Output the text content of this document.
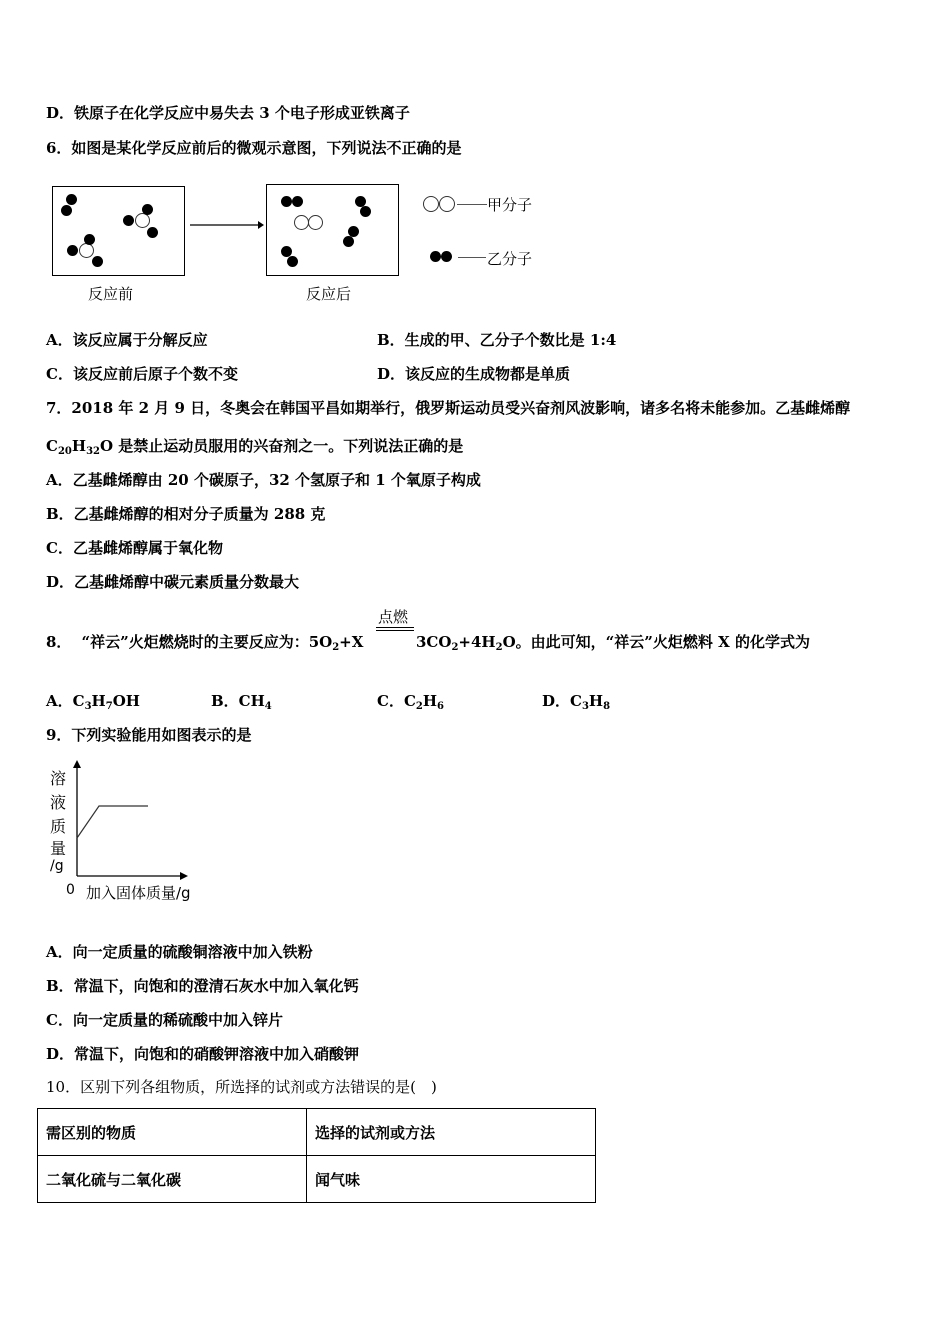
D．铁原子在化学反应中易失去 3 个电子形成亚铁离子
6．如图是某化学反应前后的微观示意图，下列说法不正确的是
反应前	反应后
甲分子
乙分子
A．该反应属于分解反应	B．生成的甲、乙分子个数比是 1:4
C．该反应前后原子个数不变	D．该反应的生成物都是单质
7．2018 年 2 月 9 日，冬奥会在韩国平昌如期举行，俄罗斯运动员受兴奋剂风波影响，诸多名将未能参加。乙基雌烯醇
$C_{20}H_{32}O$ 是禁止运动员服用的兴奋剂之一。下列说法正确的是
A．乙基雌烯醇由 20 个碳原子，32 个氢原子和 1 个氧原子构成
B．乙基雌烯醇的相对分子质量为 288 克
C．乙基雌烯醇属于氧化物
D．乙基雌烯醇中碳元素质量分数最大
点燃
8． “祥云”火炬燃烧时的主要反应为：$5O_2+X$	$3CO_2+4H_2O$。由此可知，“祥云”火炬燃料 X 的化学式为
A．$C_3H_7OH$	B．$CH_4$	C．$C_2H_6$	D．$C_3H_8$
9．下列实验能用如图表示的是
溶
液
质
量
/g
0 加入固体质量/g
A．向一定质量的硫酸铜溶液中加入铁粉
B．常温下，向饱和的澄清石灰水中加入氧化钙
C．向一定质量的稀硫酸中加入锌片
D．常温下，向饱和的硝酸钾溶液中加入硝酸钾
10．区别下列各组物质，所选择的试剂或方法错误的是(　)
需区别的物质	选择的试剂或方法
二氧化硫与二氧化碳	闻气味
